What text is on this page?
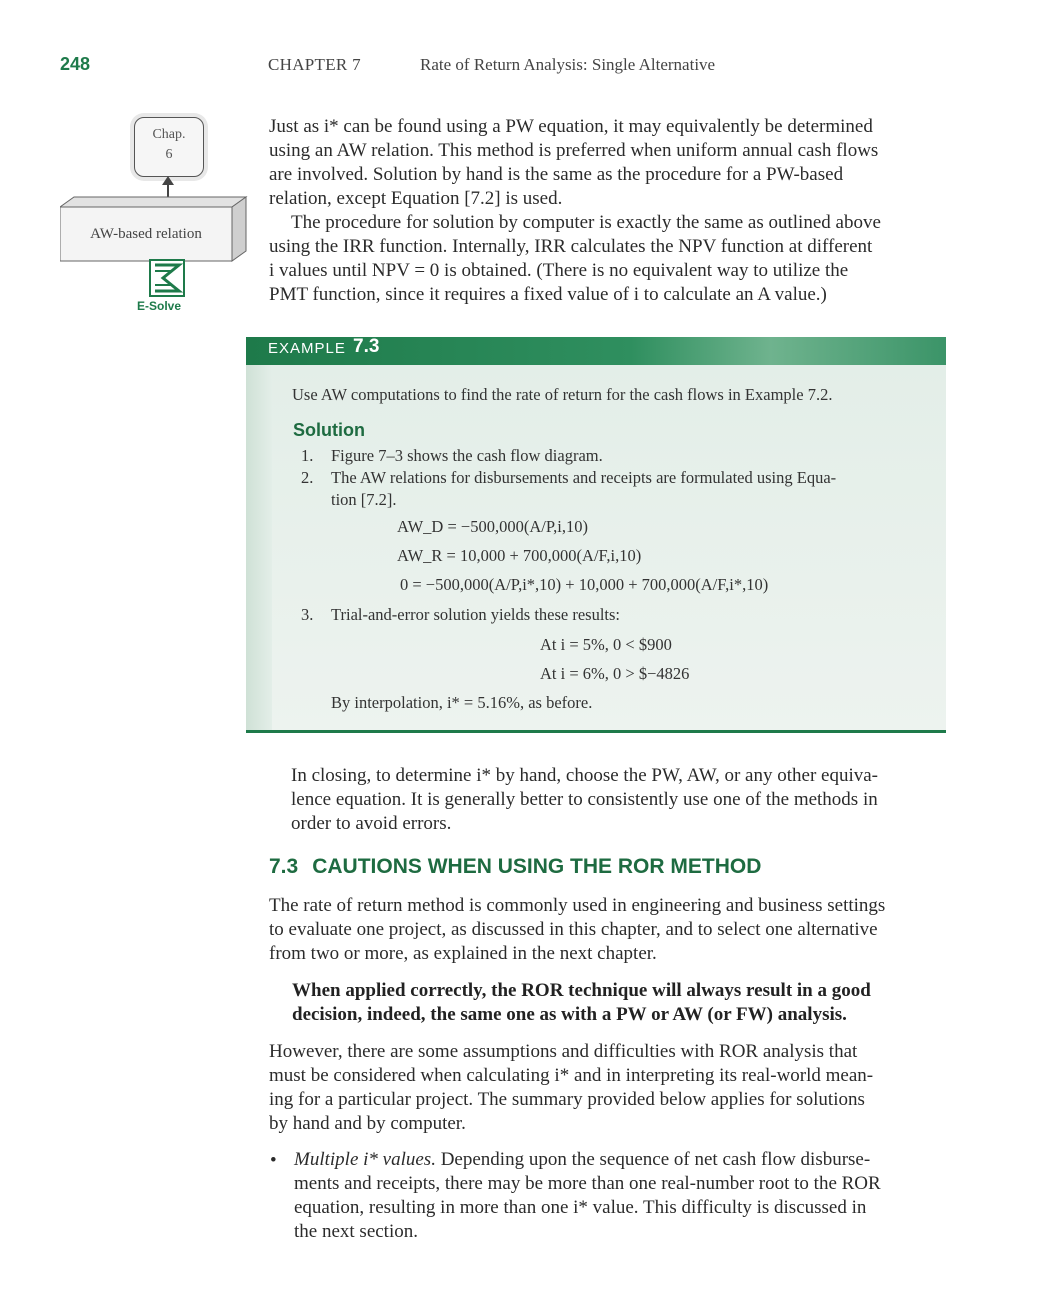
248	CHAPTER 7	Rate of Return Analysis: Single Alternative
Chap.
6
AW-based relation
E-Solve
Just as i* can be found using a PW equation, it may equivalently be determined
using an AW relation. This method is preferred when uniform annual cash flows
are involved. Solution by hand is the same as the procedure for a PW-based
relation, except Equation [7.2] is used.
The procedure for solution by computer is exactly the same as outlined above
using the IRR function. Internally, IRR calculates the NPV function at different
i values until NPV = 0 is obtained. (There is no equivalent way to utilize the
PMT function, since it requires a fixed value of i to calculate an A value.)
EXAMPLE 7.3
Use AW computations to find the rate of return for the cash flows in Example 7.2.
Solution
1. Figure 7–3 shows the cash flow diagram.
2. The AW relations for disbursements and receipts are formulated using Equa-
tion [7.2].
AW_D = −500,000(A/P,i,10)
AW_R = 10,000 + 700,000(A/F,i,10)
0 = −500,000(A/P,i*,10) + 10,000 + 700,000(A/F,i*,10)
3. Trial-and-error solution yields these results:
At i = 5%, 0 < $900
At i = 6%, 0 > $−4826
By interpolation, i* = 5.16%, as before.
In closing, to determine i* by hand, choose the PW, AW, or any other equiva-
lence equation. It is generally better to consistently use one of the methods in
order to avoid errors.
7.3 CAUTIONS WHEN USING THE ROR METHOD
The rate of return method is commonly used in engineering and business settings
to evaluate one project, as discussed in this chapter, and to select one alternative
from two or more, as explained in the next chapter.
When applied correctly, the ROR technique will always result in a good
decision, indeed, the same one as with a PW or AW (or FW) analysis.
However, there are some assumptions and difficulties with ROR analysis that
must be considered when calculating i* and in interpreting its real-world mean-
ing for a particular project. The summary provided below applies for solutions
by hand and by computer.
• Multiple i* values. Depending upon the sequence of net cash flow disburse-
ments and receipts, there may be more than one real-number root to the ROR
equation, resulting in more than one i* value. This difficulty is discussed in
the next section.
